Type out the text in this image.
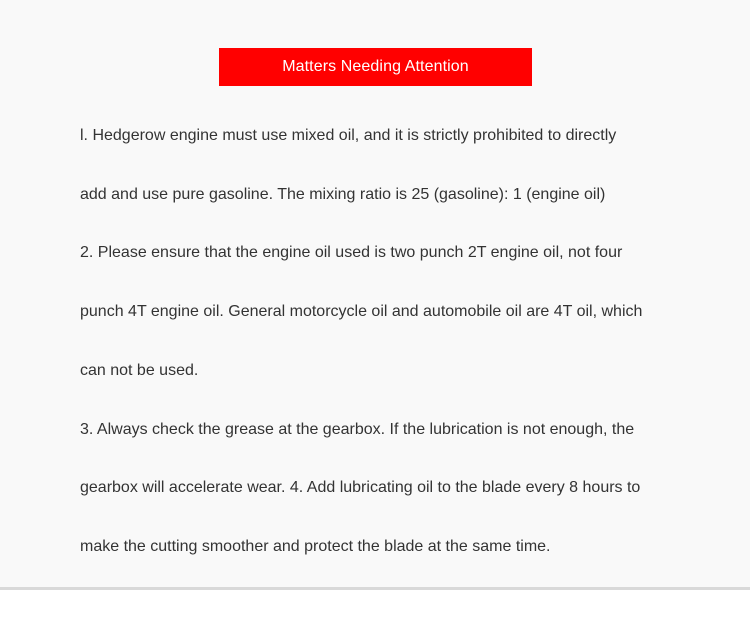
Matters Needing Attention

l. Hedgerow engine must use mixed oil, and it is strictly prohibited to directly

add and use pure gasoline. The mixing ratio is 25 (gasoline): 1 (engine oil)

2. Please ensure that the engine oil used is two punch 2T engine oil, not four

punch 4T engine oil. General motorcycle oil and automobile oil are 4T oil, which

can not be used.

3. Always check the grease at the gearbox. If the lubrication is not enough, the

gearbox will accelerate wear. 4. Add lubricating oil to the blade every 8 hours to

make the cutting smoother and protect the blade at the same time.
